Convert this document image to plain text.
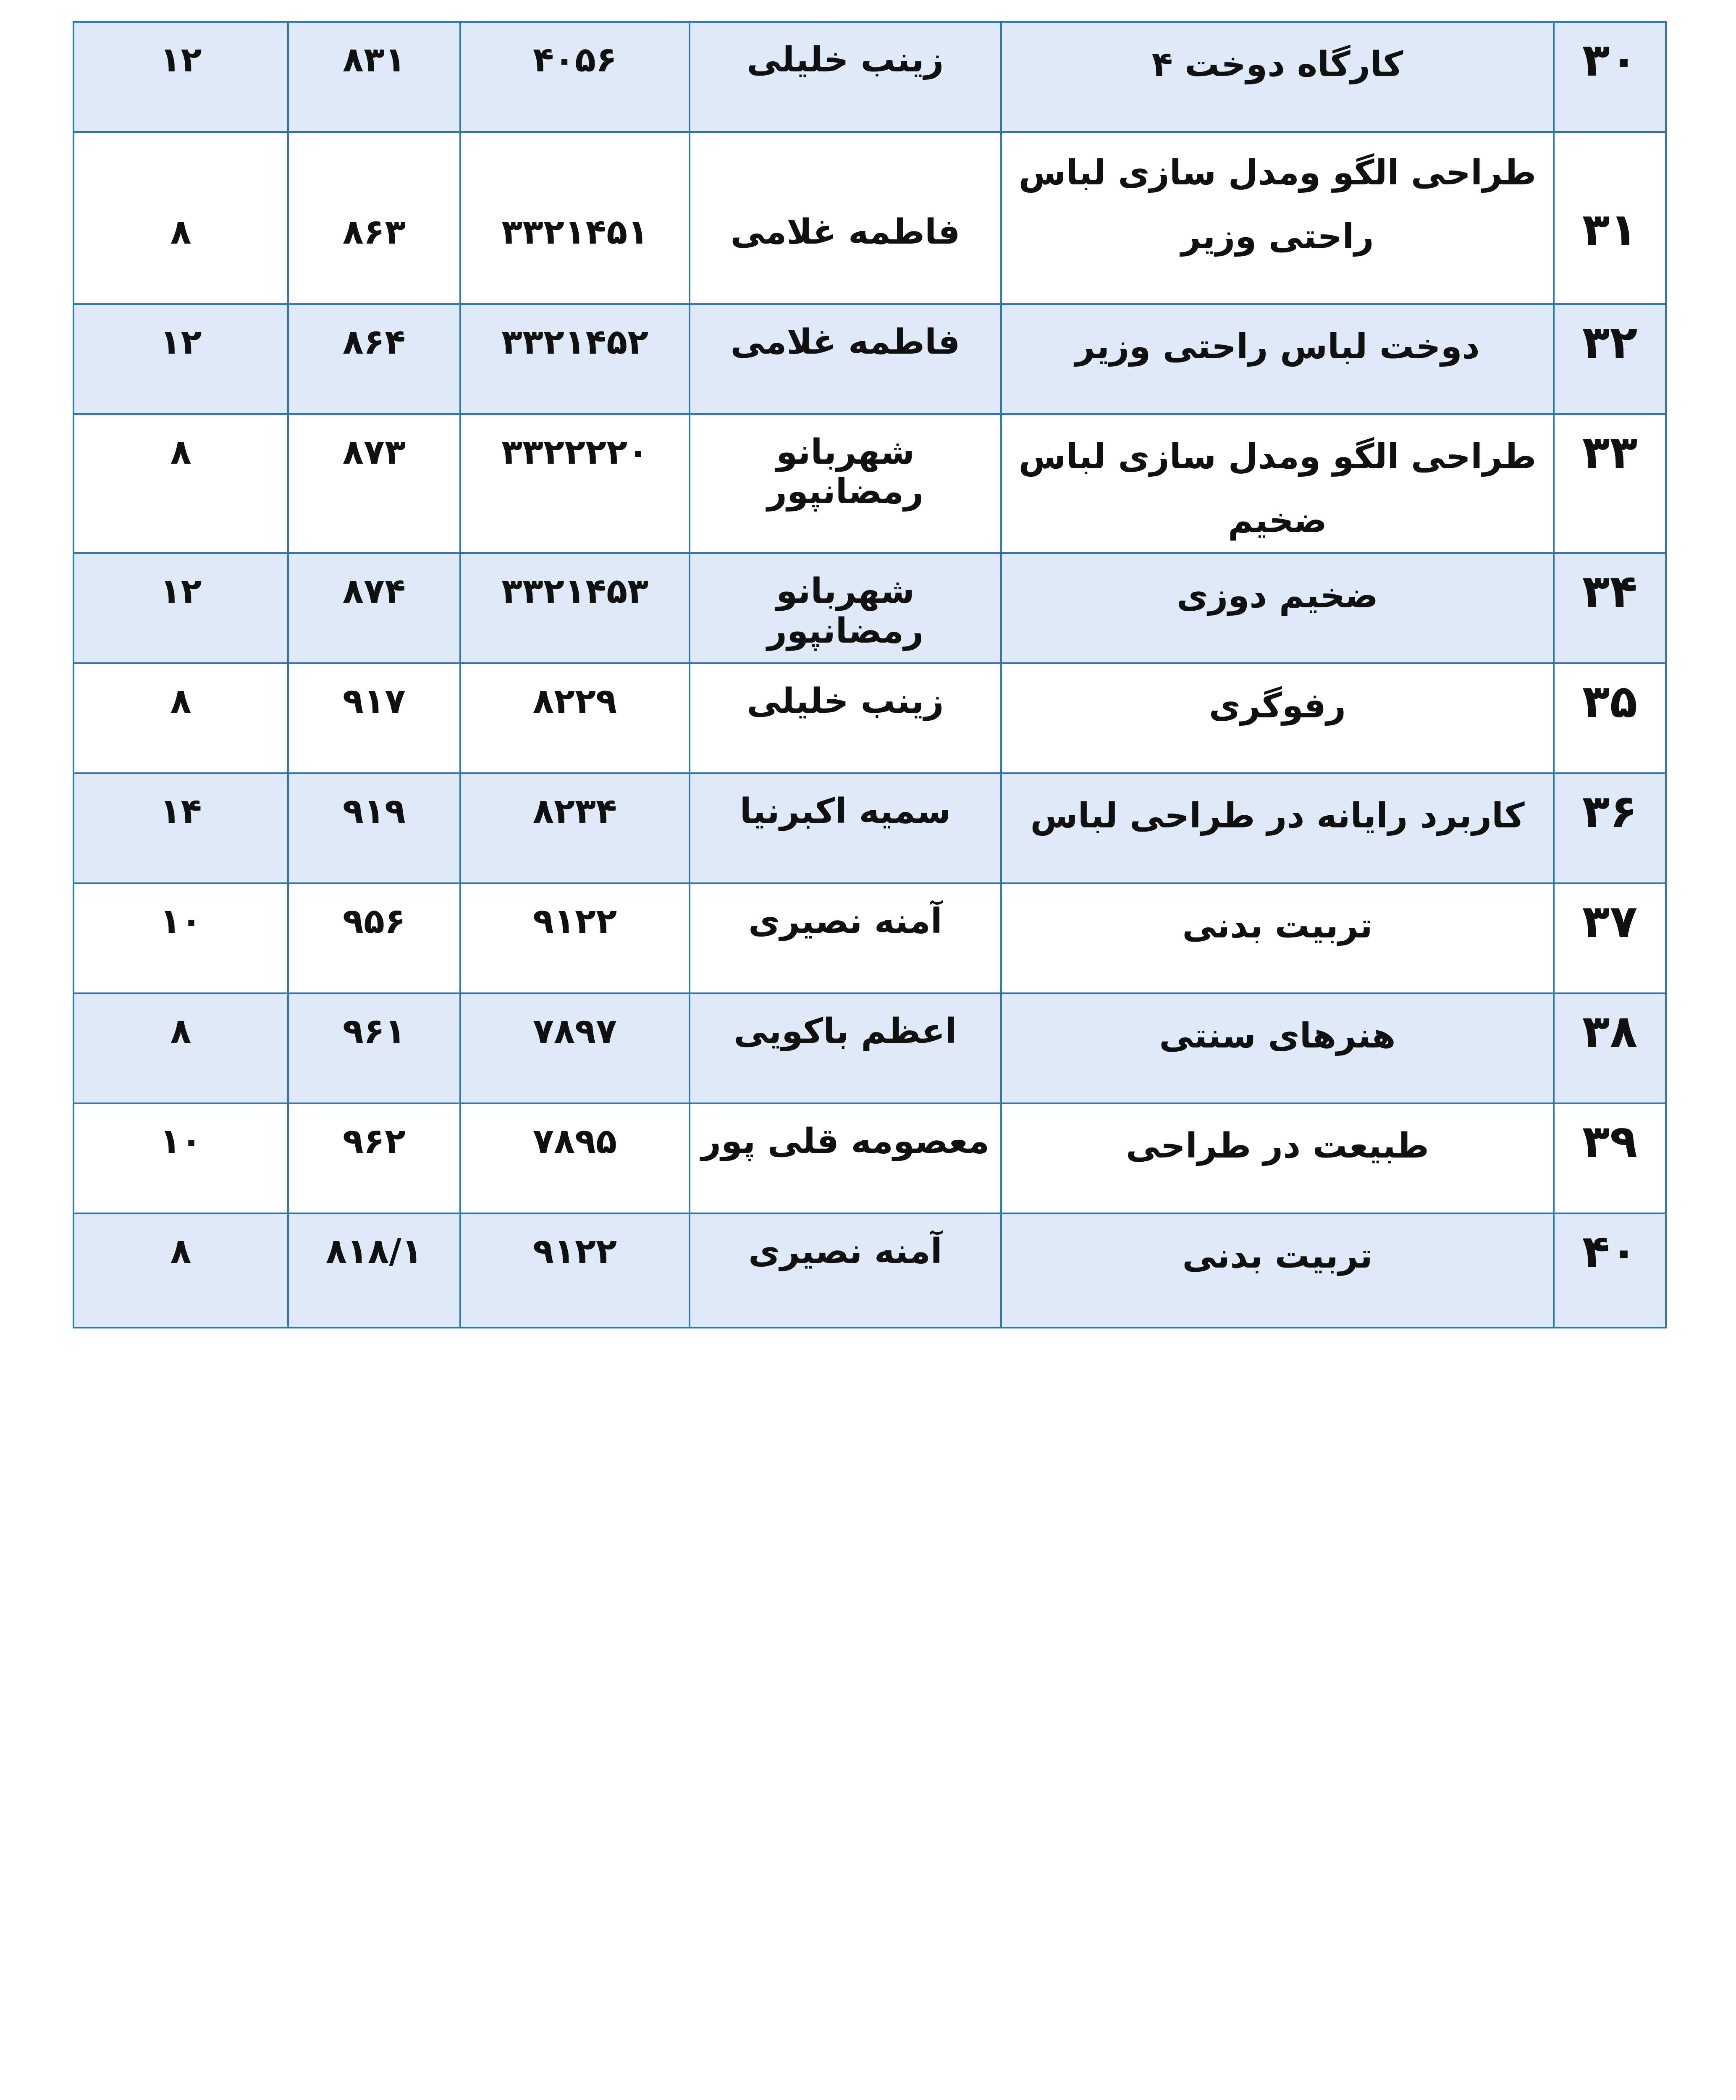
۳۰	کارگاه دوخت ۴	زینب خلیلی	۴۰۵۶	۸۳۱	۱۲

۳۱	طراحی الگو ومدل سازی لباس راحتی وزیر	فاطمه غلامی	۳۳۲۱۴۵۱	۸۶۳	۸

۳۲	دوخت لباس راحتی وزیر	فاطمه غلامی	۳۳۲۱۴۵۲	۸۶۴	۱۲

۳۳	طراحی الگو ومدل سازی لباس ضخیم	شهربانو رمضانپور	۳۳۲۲۲۲۰	۸۷۳	۸

۳۴	ضخیم دوزی	شهربانو رمضانپور	۳۳۲۱۴۵۳	۸۷۴	۱۲

۳۵	رفوگری	زینب خلیلی	۸۲۲۹	۹۱۷	۸

۳۶	کاربرد رایانه در طراحی لباس	سمیه اکبرنیا	۸۲۳۴	۹۱۹	۱۴

۳۷	تربیت بدنی	آمنه نصیری	۹۱۲۲	۹۵۶	۱۰

۳۸	هنرهای سنتی	اعظم باکویی	۷۸۹۷	۹۶۱	۸

۳۹	طبیعت در طراحی	معصومه قلی پور	۷۸۹۵	۹۶۲	۱۰

۴۰	تربیت بدنی	آمنه نصیری	۹۱۲۲	۸۱۸/۱	۸
